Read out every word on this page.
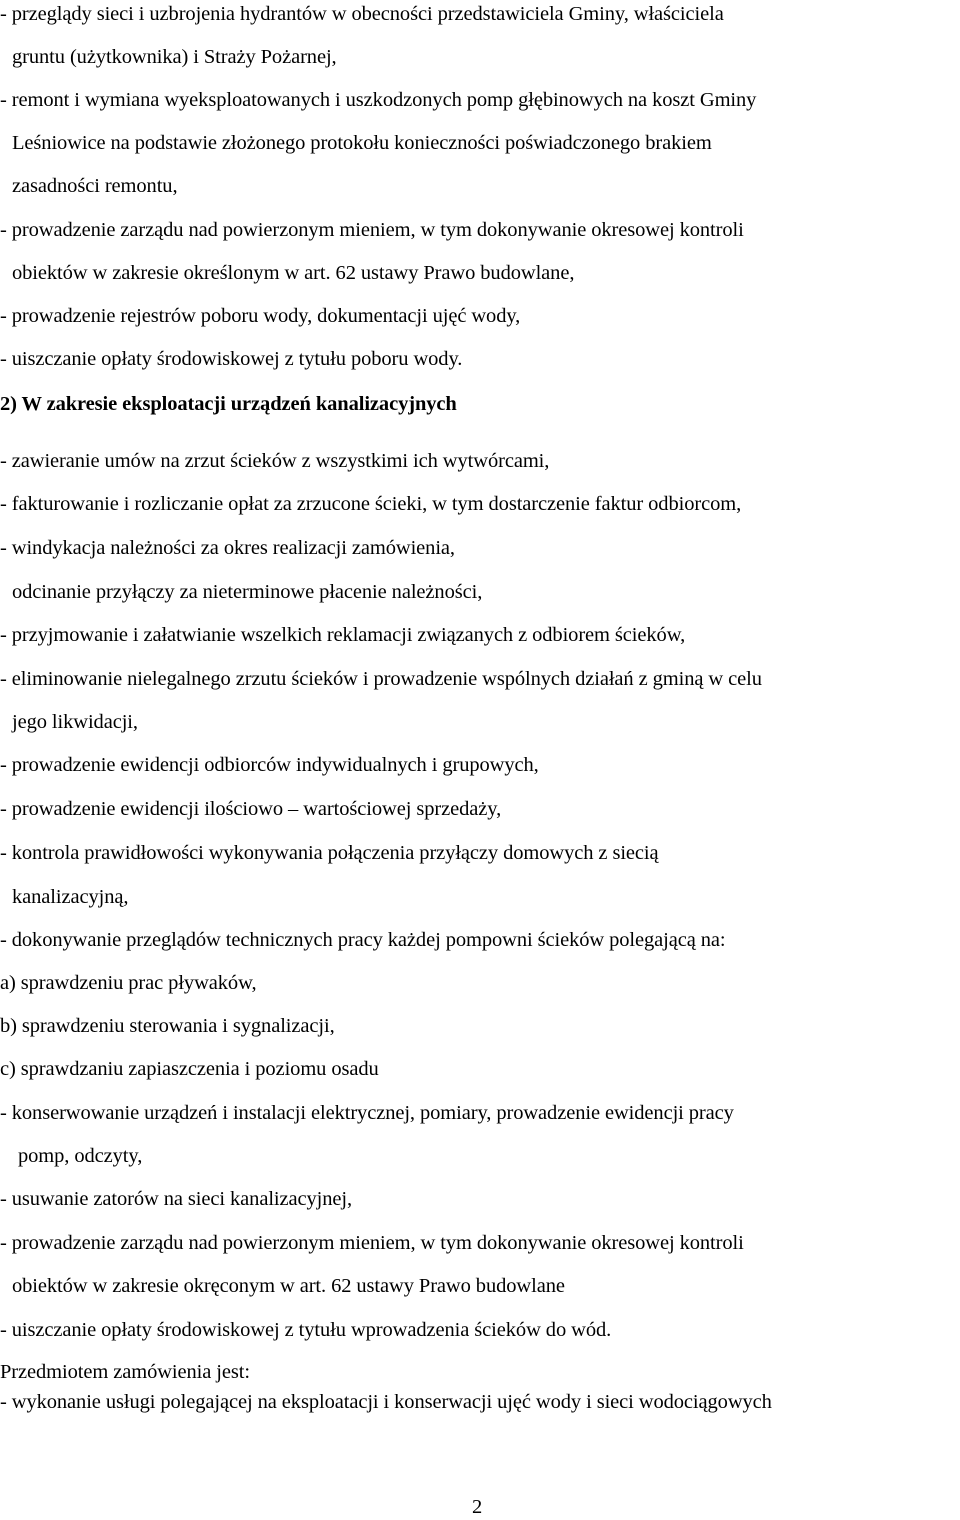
- przeglądy sieci i uzbrojenia hydrantów w obecności przedstawiciela Gminy, właściciela
gruntu (użytkownika) i Straży Pożarnej,
- remont i wymiana wyeksploatowanych i uszkodzonych pomp głębinowych na koszt Gminy
Leśniowice na podstawie złożonego protokołu konieczności poświadczonego brakiem
zasadności remontu,
- prowadzenie zarządu nad powierzonym mieniem, w tym dokonywanie okresowej kontroli
obiektów w zakresie określonym w art. 62 ustawy Prawo budowlane,
- prowadzenie rejestrów poboru wody, dokumentacji ujęć wody,
- uiszczanie opłaty środowiskowej z tytułu poboru wody.
2) W zakresie eksploatacji urządzeń kanalizacyjnych
- zawieranie umów na zrzut ścieków z wszystkimi ich wytwórcami,
- fakturowanie i rozliczanie opłat za zrzucone ścieki, w tym dostarczenie faktur odbiorcom,
- windykacja należności za okres realizacji zamówienia,
odcinanie przyłączy za nieterminowe płacenie należności,
- przyjmowanie i załatwianie wszelkich reklamacji związanych z odbiorem ścieków,
- eliminowanie nielegalnego zrzutu ścieków i prowadzenie wspólnych działań z gminą w celu
jego likwidacji,
- prowadzenie ewidencji odbiorców indywidualnych i grupowych,
- prowadzenie ewidencji ilościowo – wartościowej sprzedaży,
- kontrola prawidłowości wykonywania połączenia przyłączy domowych z siecią
kanalizacyjną,
- dokonywanie przeglądów technicznych pracy każdej pompowni ścieków polegającą na:
a) sprawdzeniu prac pływaków,
b) sprawdzeniu sterowania i sygnalizacji,
c) sprawdzaniu zapiaszczenia i poziomu osadu
- konserwowanie urządzeń i instalacji elektrycznej, pomiary, prowadzenie ewidencji pracy
pomp, odczyty,
- usuwanie zatorów na sieci kanalizacyjnej,
- prowadzenie zarządu nad powierzonym mieniem, w tym dokonywanie okresowej kontroli
obiektów w zakresie okręconym w art. 62 ustawy Prawo budowlane
- uiszczanie opłaty środowiskowej z tytułu wprowadzenia ścieków do wód.
Przedmiotem zamówienia jest:
- wykonanie usługi polegającej na eksploatacji i konserwacji ujęć wody i sieci wodociągowych
2
